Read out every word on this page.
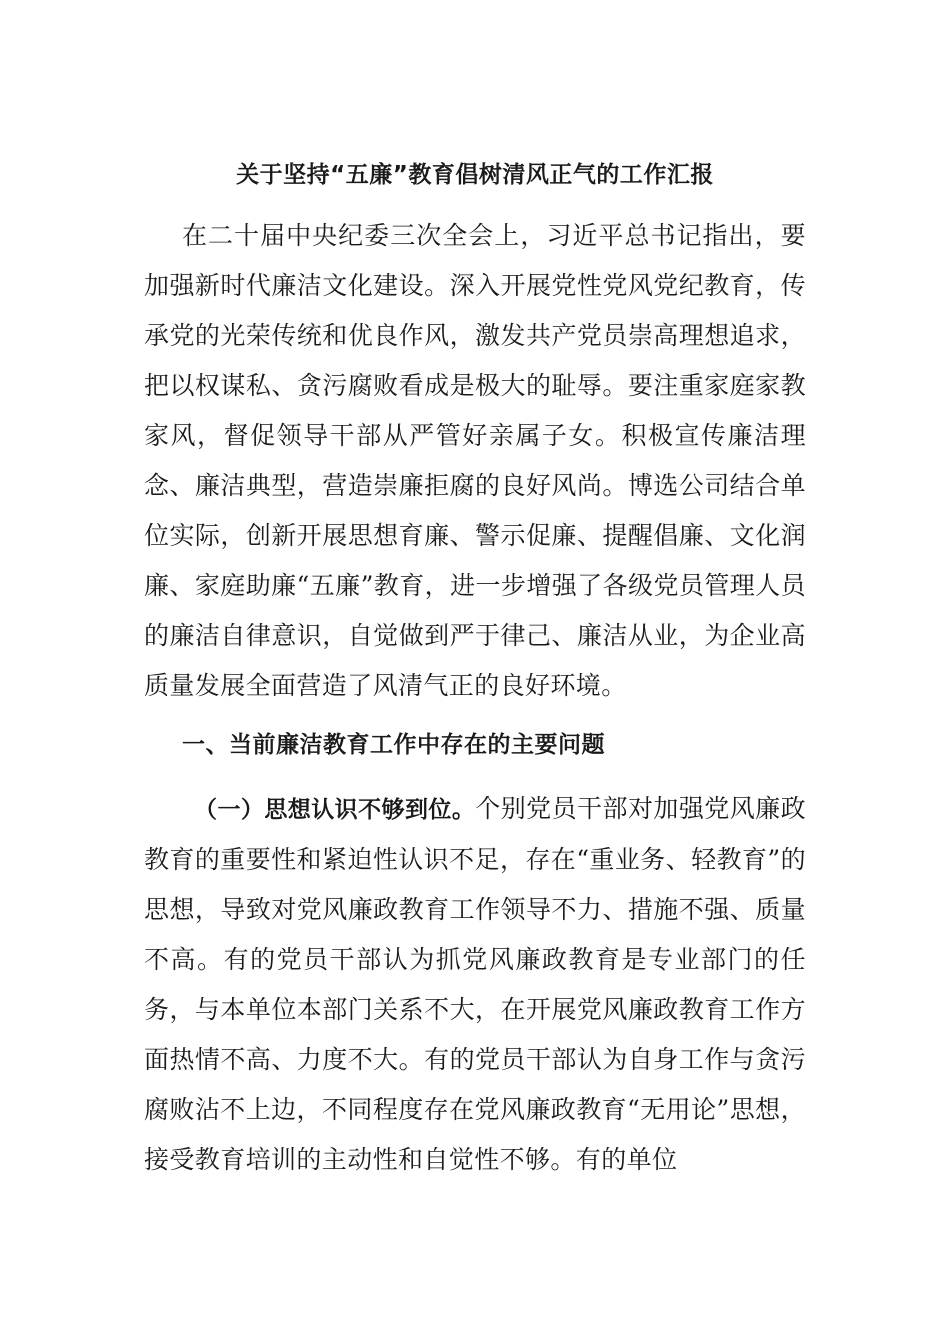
关于坚持“五廉”教育倡树清风正气的工作汇报

在二十届中央纪委三次全会上，习近平总书记指出，要加强新时代廉洁文化建设。深入开展党性党风党纪教育，传承党的光荣传统和优良作风，激发共产党员崇高理想追求，把以权谋私、贪污腐败看成是极大的耻辱。要注重家庭家教家风，督促领导干部从严管好亲属子女。积极宣传廉洁理念、廉洁典型，营造崇廉拒腐的良好风尚。博选公司结合单位实际，创新开展思想育廉、警示促廉、提醒倡廉、文化润廉、家庭助廉“五廉”教育，进一步增强了各级党员管理人员的廉洁自律意识，自觉做到严于律己、廉洁从业，为企业高质量发展全面营造了风清气正的良好环境。

一、当前廉洁教育工作中存在的主要问题

（一）思想认识不够到位。个别党员干部对加强党风廉政教育的重要性和紧迫性认识不足，存在“重业务、轻教育”的思想，导致对党风廉政教育工作领导不力、措施不强、质量不高。有的党员干部认为抓党风廉政教育是专业部门的任务，与本单位本部门关系不大，在开展党风廉政教育工作方面热情不高、力度不大。有的党员干部认为自身工作与贪污腐败沾不上边，不同程度存在党风廉政教育“无用论”思想，接受教育培训的主动性和自觉性不够。有的单位
